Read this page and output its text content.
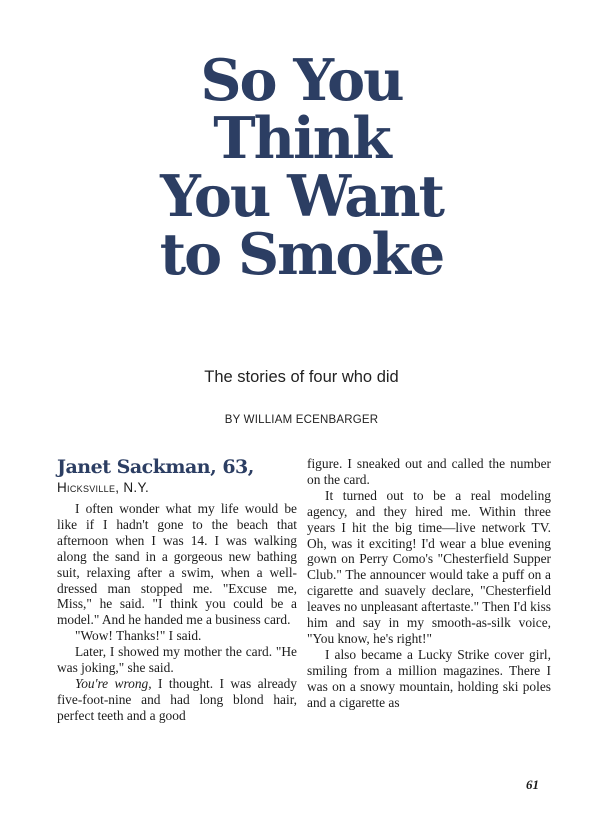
So You
Think
You Want
to Smoke
The stories of four who did
BY WILLIAM ECENBARGER
Janet Sackman, 63,
Hicksville, N.Y.

I often wonder what my life would be like if I hadn't gone to the beach that afternoon when I was 14. I was walking along the sand in a gorgeous new bathing suit, relaxing after a swim, when a well-dressed man stopped me. "Excuse me, Miss," he said. "I think you could be a model." And he handed me a business card.

"Wow! Thanks!" I said.

Later, I showed my mother the card. "He was joking," she said.

You're wrong, I thought. I was already five-foot-nine and had long blond hair, perfect teeth and a good

figure. I sneaked out and called the number on the card.

It turned out to be a real modeling agency, and they hired me. Within three years I hit the big time—live network TV. Oh, was it exciting! I'd wear a blue evening gown on Perry Como's "Chesterfield Supper Club." The announcer would take a puff on a cigarette and suavely declare, "Chesterfield leaves no unpleasant aftertaste." Then I'd kiss him and say in my smooth-as-silk voice, "You know, he's right!"

I also became a Lucky Strike cover girl, smiling from a million magazines. There I was on a snowy mountain, holding ski poles and a cigarette as

61
